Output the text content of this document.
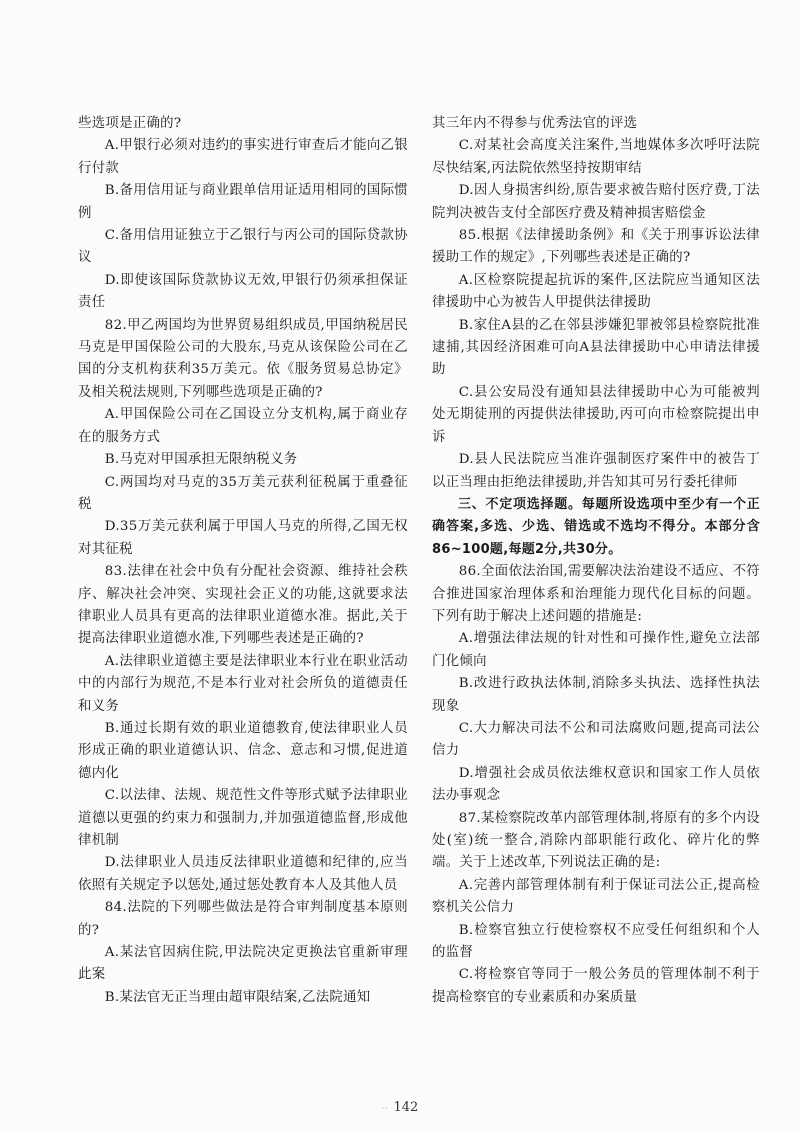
些选项是正确的?

A.甲银行必须对违约的事实进行审查后才能向乙银行付款

B.备用信用证与商业跟单信用证适用相同的国际惯例

C.备用信用证独立于乙银行与丙公司的国际贷款协议

D.即使该国际贷款协议无效,甲银行仍须承担保证责任

82.甲乙两国均为世界贸易组织成员,甲国纳税居民马克是甲国保险公司的大股东,马克从该保险公司在乙国的分支机构获利35万美元。依《服务贸易总协定》及相关税法规则,下列哪些选项是正确的?

A.甲国保险公司在乙国设立分支机构,属于商业存在的服务方式

B.马克对甲国承担无限纳税义务

C.两国均对马克的35万美元获利征税属于重叠征税

D.35万美元获利属于甲国人马克的所得,乙国无权对其征税

83.法律在社会中负有分配社会资源、维持社会秩序、解决社会冲突、实现社会正义的功能,这就要求法律职业人员具有更高的法律职业道德水准。据此,关于提高法律职业道德水准,下列哪些表述是正确的?

A.法律职业道德主要是法律职业本行业在职业活动中的内部行为规范,不是本行业对社会所负的道德责任和义务

B.通过长期有效的职业道德教育,使法律职业人员形成正确的职业道德认识、信念、意志和习惯,促进道德内化

C.以法律、法规、规范性文件等形式赋予法律职业道德以更强的约束力和强制力,并加强道德监督,形成他律机制

D.法律职业人员违反法律职业道德和纪律的,应当依照有关规定予以惩处,通过惩处教育本人及其他人员

84.法院的下列哪些做法是符合审判制度基本原则的?

A.某法官因病住院,甲法院决定更换法官重新审理此案

B.某法官无正当理由超审限结案,乙法院通知

其三年内不得参与优秀法官的评选

C.对某社会高度关注案件,当地媒体多次呼吁法院尽快结案,丙法院依然坚持按期审结

D.因人身损害纠纷,原告要求被告赔付医疗费,丁法院判决被告支付全部医疗费及精神损害赔偿金

85.根据《法律援助条例》和《关于刑事诉讼法律援助工作的规定》,下列哪些表述是正确的?

A.区检察院提起抗诉的案件,区法院应当通知区法律援助中心为被告人甲提供法律援助

B.家住A县的乙在邻县涉嫌犯罪被邻县检察院批准逮捕,其因经济困难可向A县法律援助中心申请法律援助

C.县公安局没有通知县法律援助中心为可能被判处无期徒刑的丙提供法律援助,丙可向市检察院提出申诉

D.县人民法院应当准许强制医疗案件中的被告丁以正当理由拒绝法律援助,并告知其可另行委托律师

三、不定项选择题。每题所设选项中至少有一个正确答案,多选、少选、错选或不选均不得分。本部分含86~100题,每题2分,共30分。

86.全面依法治国,需要解决法治建设不适应、不符合推进国家治理体系和治理能力现代化目标的问题。下列有助于解决上述问题的措施是:

A.增强法律法规的针对性和可操作性,避免立法部门化倾向

B.改进行政执法体制,消除多头执法、选择性执法现象

C.大力解决司法不公和司法腐败问题,提高司法公信力

D.增强社会成员依法维权意识和国家工作人员依法办事观念

87.某检察院改革内部管理体制,将原有的多个内设处(室)统一整合,消除内部职能行政化、碎片化的弊端。关于上述改革,下列说法正确的是:

A.完善内部管理体制有利于保证司法公正,提高检察机关公信力

B.检察官独立行使检察权不应受任何组织和个人的监督

C.将检察官等同于一般公务员的管理体制不利于提高检察官的专业素质和办案质量

·· 142
